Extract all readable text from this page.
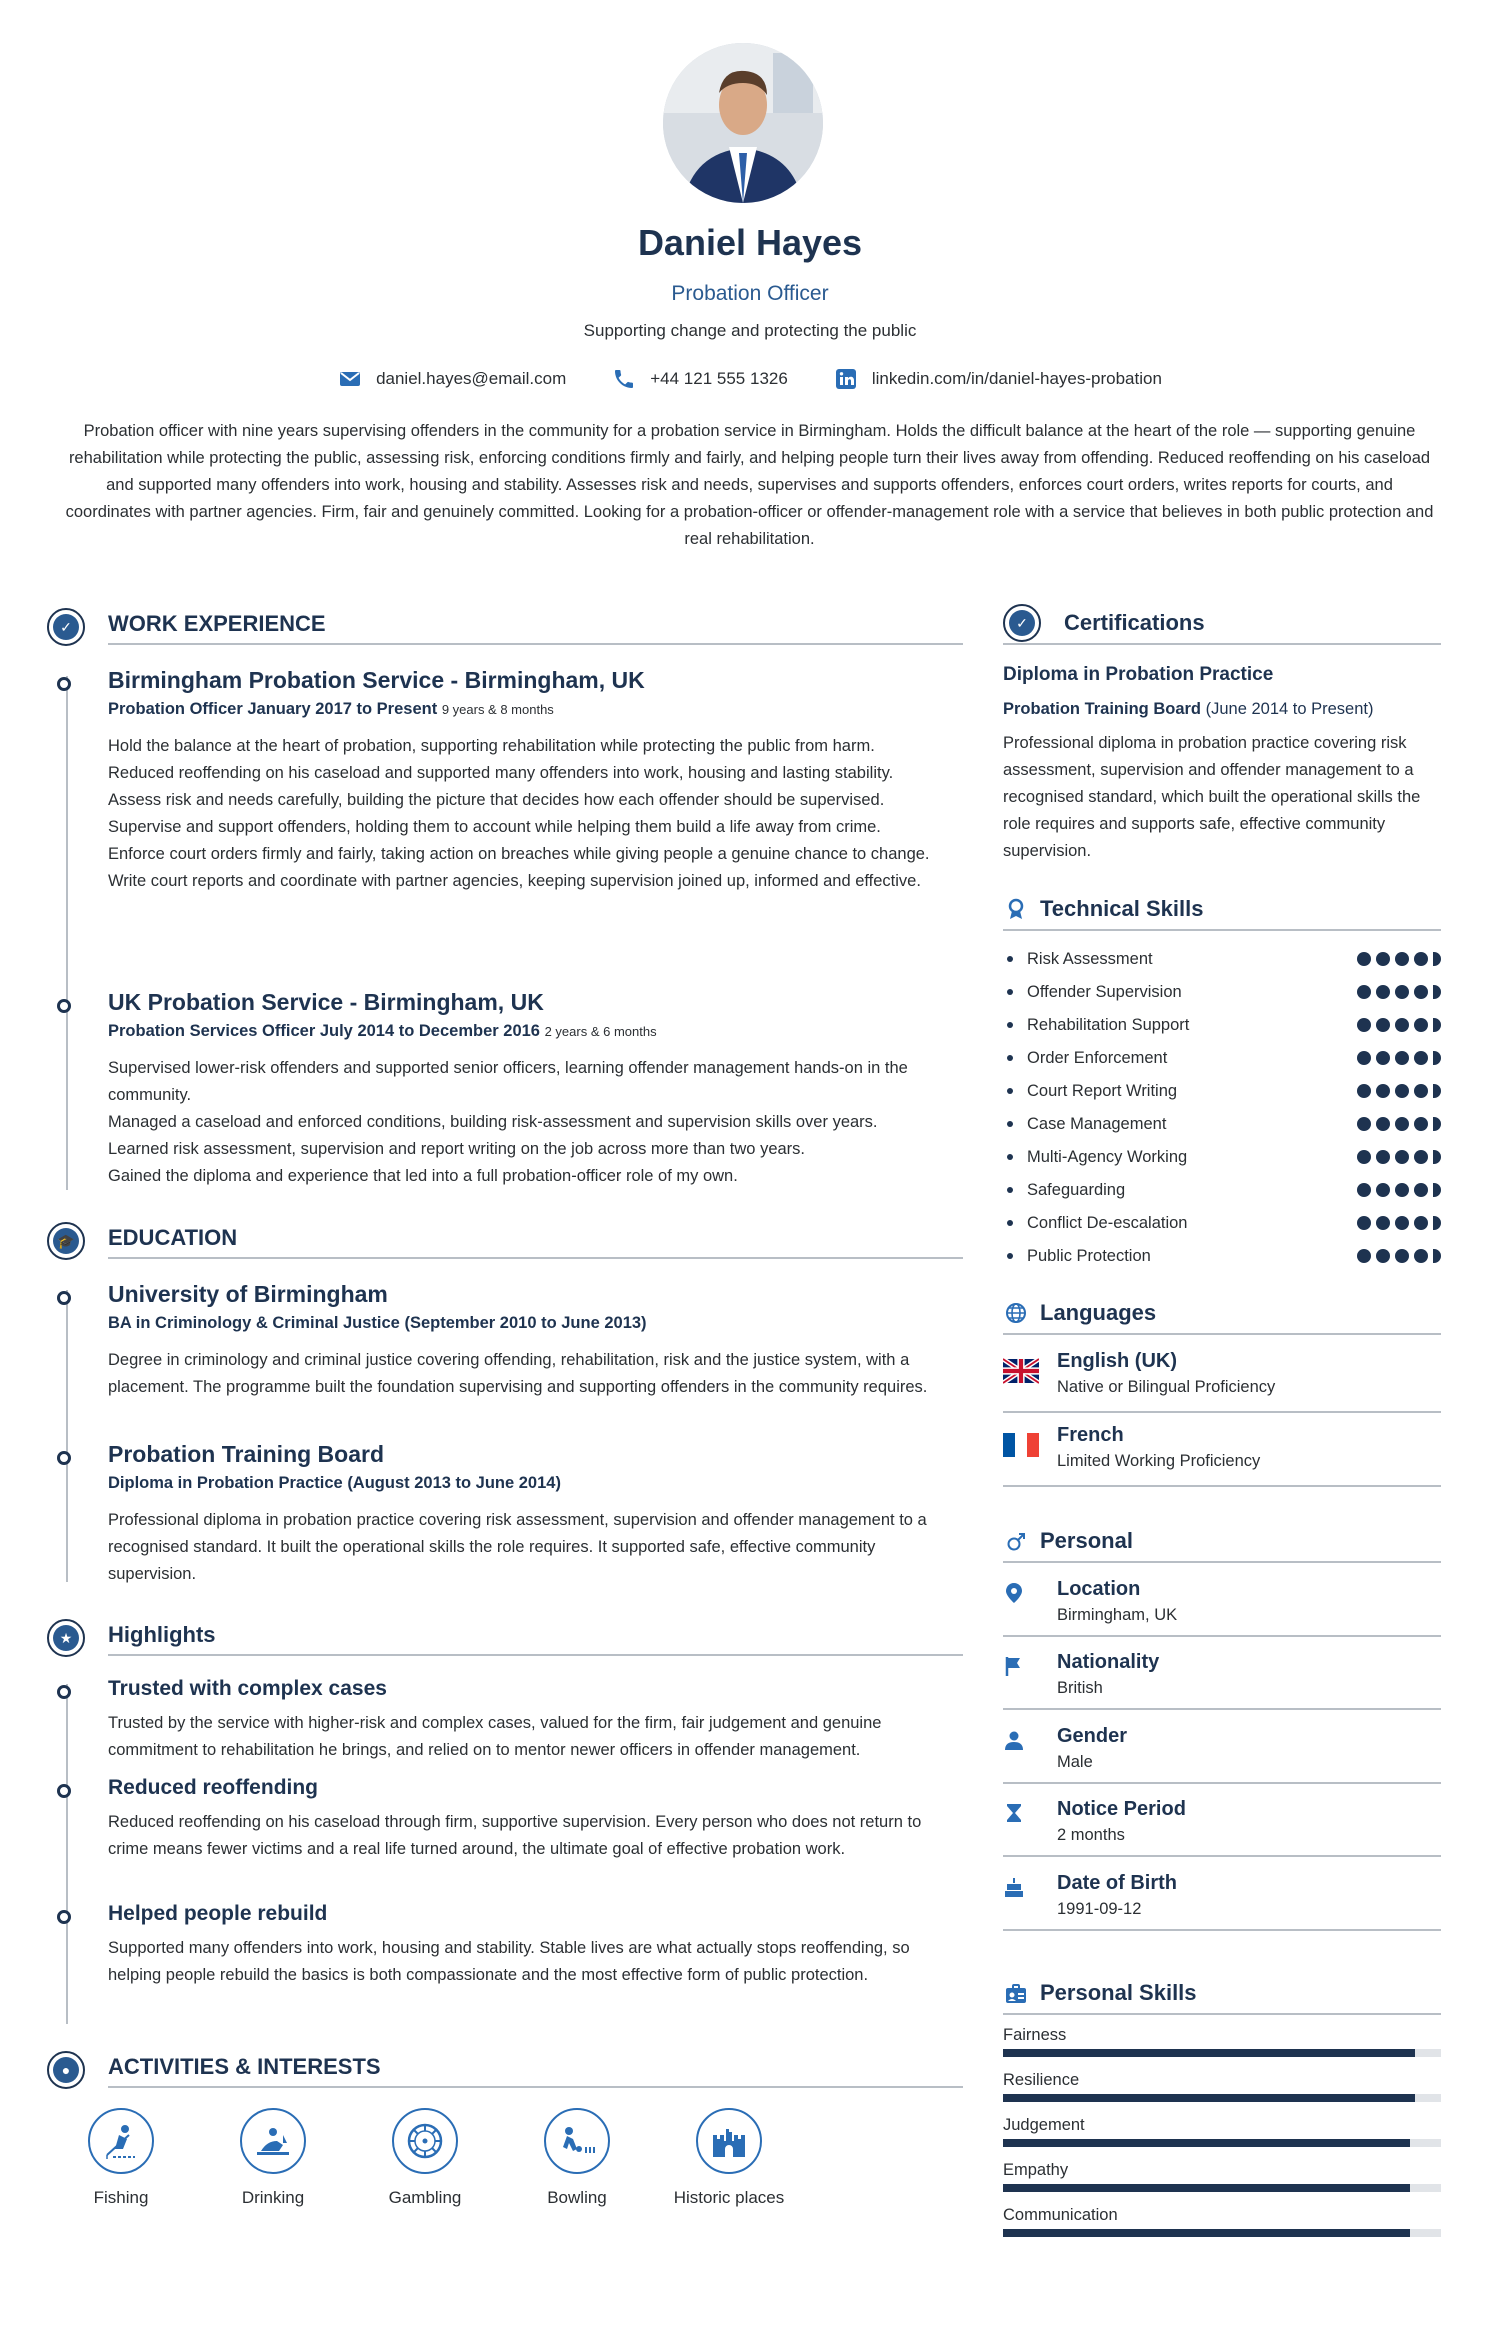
Daniel Hayes
Probation Officer
Supporting change and protecting the public
daniel.hayes@email.com	+44 121 555 1326	linkedin.com/in/daniel-hayes-probation
Probation officer with nine years supervising offenders in the community for a probation service in Birmingham. Holds the difficult balance at the heart of the role — supporting genuine rehabilitation while protecting the public, assessing risk, enforcing conditions firmly and fairly, and helping people turn their lives away from offending. Reduced reoffending on his caseload and supported many offenders into work, housing and stability. Assesses risk and needs, supervises and supports offenders, enforces court orders, writes reports for courts, and coordinates with partner agencies. Firm, fair and genuinely committed. Looking for a probation-officer or offender-management role with a service that believes in both public protection and real rehabilitation.
✓	WORK EXPERIENCE
Birmingham Probation Service - Birmingham, UK
Probation Officer January 2017 to Present 9 years & 8 months

Hold the balance at the heart of probation, supporting rehabilitation while protecting the public from harm.

Reduced reoffending on his caseload and supported many offenders into work, housing and lasting stability.

Assess risk and needs carefully, building the picture that decides how each offender should be supervised.

Supervise and support offenders, holding them to account while helping them build a life away from crime.

Enforce court orders firmly and fairly, taking action on breaches while giving people a genuine chance to change.

Write court reports and coordinate with partner agencies, keeping supervision joined up, informed and effective.

UK Probation Service - Birmingham, UK
Probation Services Officer July 2014 to December 2016 2 years & 6 months

Supervised lower-risk offenders and supported senior officers, learning offender management hands-on in the community.

Managed a caseload and enforced conditions, building risk-assessment and supervision skills over years.

Learned risk assessment, supervision and report writing on the job across more than two years.

Gained the diploma and experience that led into a full probation-officer role of my own.

🎓 EDUCATION
University of Birmingham
BA in Criminology & Criminal Justice (September 2010 to June 2013)
Degree in criminology and criminal justice covering offending, rehabilitation, risk and the justice system, with a placement. The programme built the foundation supervising and supporting offenders in the community requires.
Probation Training Board
Diploma in Probation Practice (August 2013 to June 2014)
Professional diploma in probation practice covering risk assessment, supervision and offender management to a recognised standard. It built the operational skills the role requires. It supported safe, effective community supervision.
★	Highlights
Trusted with complex cases
Trusted by the service with higher-risk and complex cases, valued for the firm, fair judgement and genuine commitment to rehabilitation he brings, and relied on to mentor newer officers in offender management.
Reduced reoffending
Reduced reoffending on his caseload through firm, supportive supervision. Every person who does not return to crime means fewer victims and a real life turned around, the ultimate goal of effective probation work.
Helped people rebuild
Supported many offenders into work, housing and stability. Stable lives are what actually stops reoffending, so helping people rebuild the basics is both compassionate and the most effective form of public protection.
●	ACTIVITIES & INTERESTS
Fishing	Drinking	Gambling	Bowling	Historic places
✓	Certifications
Diploma in Probation Practice
Probation Training Board (June 2014 to Present)
Professional diploma in probation practice covering risk assessment, supervision and offender management to a recognised standard, which built the operational skills the role requires and supports safe, effective community supervision.
Technical Skills
Risk Assessment
Offender Supervision
Rehabilitation Support
Order Enforcement
Court Report Writing
Case Management
Multi-Agency Working
Safeguarding
Conflict De-escalation
Public Protection
Languages
English (UK)
Native or Bilingual Proficiency
French
Limited Working Proficiency
Personal
Location
Birmingham, UK
Nationality
British
Gender
Male
Notice Period
2 months
Date of Birth
1991-09-12
Personal Skills
Fairness
Resilience
Judgement
Empathy
Communication
